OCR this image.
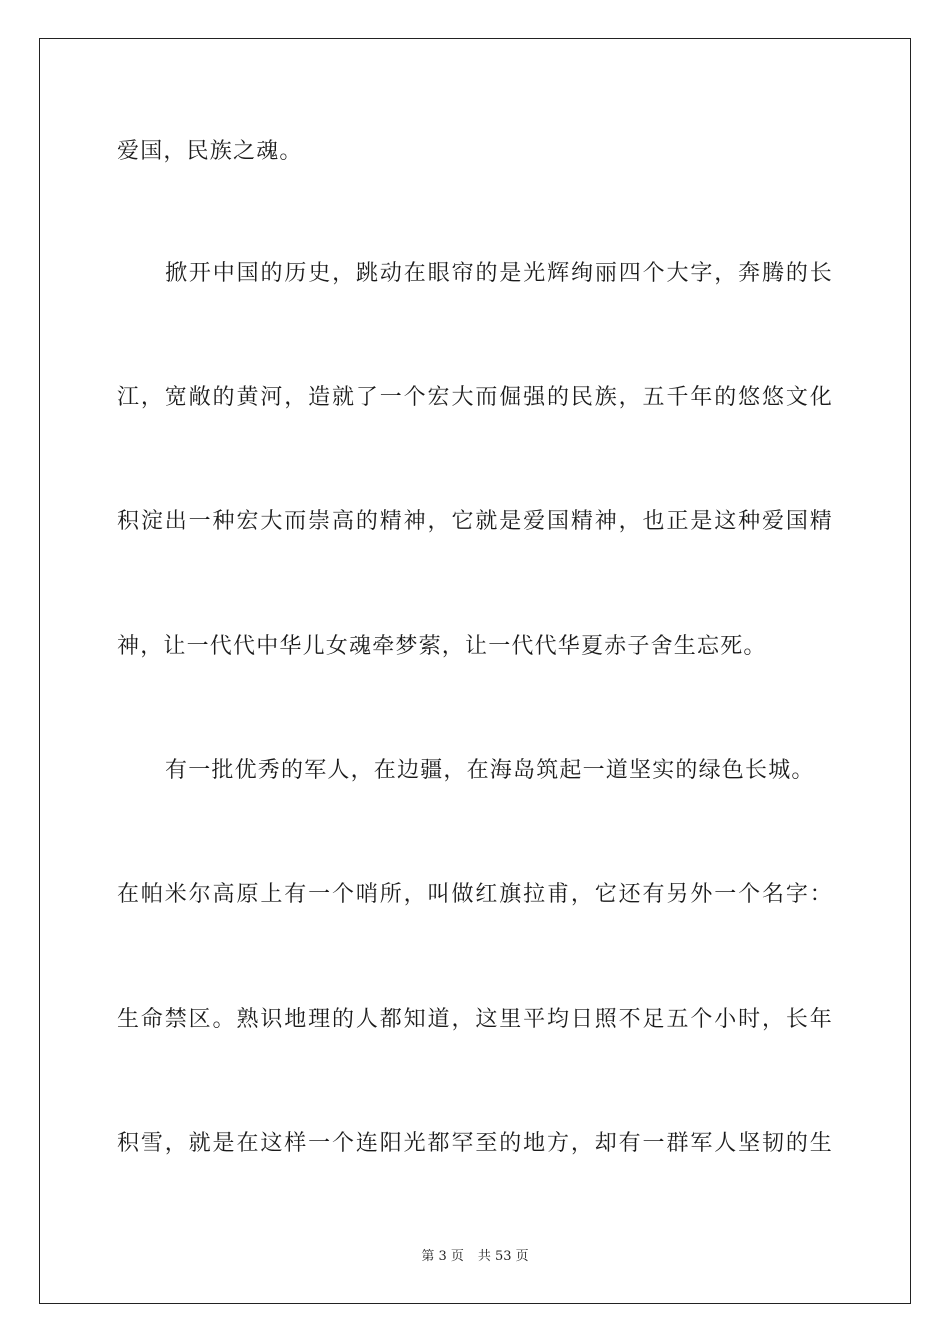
爱国，民族之魂。
掀开中国的历史，跳动在眼帘的是光辉绚丽四个大字，奔腾的长
江，宽敞的黄河，造就了一个宏大而倔强的民族，五千年的悠悠文化
积淀出一种宏大而崇高的精神，它就是爱国精神，也正是这种爱国精
神，让一代代中华儿女魂牵梦萦，让一代代华夏赤子舍生忘死。
有一批优秀的军人，在边疆，在海岛筑起一道坚实的绿色长城。
在帕米尔高原上有一个哨所，叫做红旗拉甫，它还有另外一个名字：
生命禁区。熟识地理的人都知道，这里平均日照不足五个小时，长年
积雪，就是在这样一个连阳光都罕至的地方，却有一群军人坚韧的生
第 3 页 共 53 页
